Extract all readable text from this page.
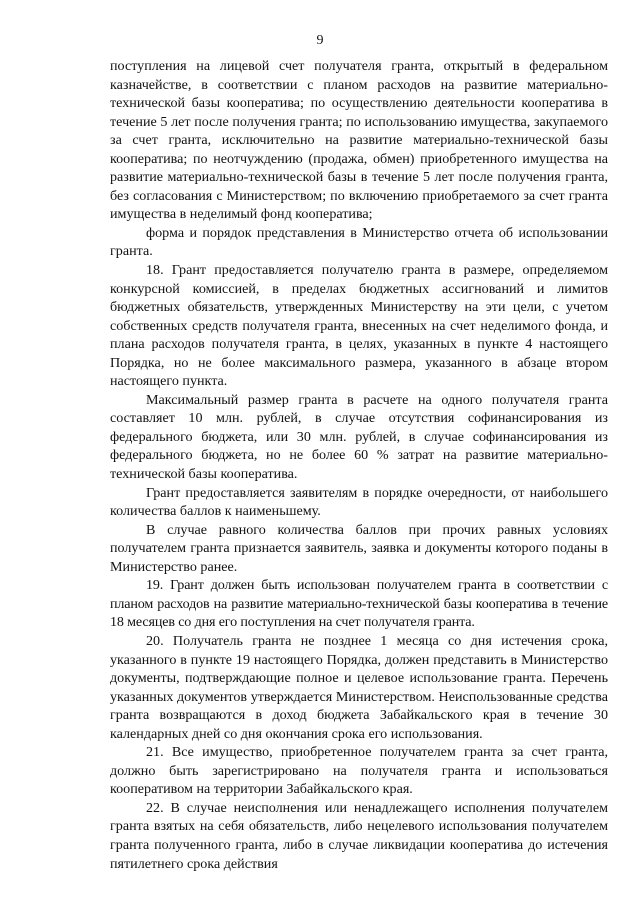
9

поступления на лицевой счет получателя гранта, открытый в федеральном казначействе, в соответствии с планом расходов на развитие материально-технической базы кооператива; по осуществлению деятельности кооператива в течение 5 лет после получения гранта; по использованию имущества, закупаемого за счет гранта, исключительно на развитие материально-технической базы кооператива; по неотчуждению (продажа, обмен) приобретенного имущества на развитие материально-технической базы в течение 5 лет после получения гранта, без согласования с Министерством; по включению приобретаемого за счет гранта имущества в неделимый фонд кооператива;

форма и порядок представления в Министерство отчета об использовании гранта.

18. Грант предоставляется получателю гранта в размере, определяемом конкурсной комиссией, в пределах бюджетных ассигнований и лимитов бюджетных обязательств, утвержденных Министерству на эти цели, с учетом собственных средств получателя гранта, внесенных на счет неделимого фонда, и плана расходов получателя гранта, в целях, указанных в пункте 4 настоящего Порядка, но не более максимального размера, указанного в абзаце втором настоящего пункта.

Максимальный размер гранта в расчете на одного получателя гранта составляет 10 млн. рублей, в случае отсутствия софинансирования из федерального бюджета, или 30 млн. рублей, в случае софинансирования из федерального бюджета, но не более 60 % затрат на развитие материально-технической базы кооператива.

Грант предоставляется заявителям в порядке очередности, от наибольшего количества баллов к наименьшему.

В случае равного количества баллов при прочих равных условиях получателем гранта признается заявитель, заявка и документы которого поданы в Министерство ранее.

19. Грант должен быть использован получателем гранта в соответствии с планом расходов на развитие материально-технической базы кооператива в течение 18 месяцев со дня его поступления на счет получателя гранта.

20. Получатель гранта не позднее 1 месяца со дня истечения срока, указанного в пункте 19 настоящего Порядка, должен представить в Министерство документы, подтверждающие полное и целевое использование гранта. Перечень указанных документов утверждается Министерством. Неиспользованные средства гранта возвращаются в доход бюджета Забайкальского края в течение 30 календарных дней со дня окончания срока его использования.

21. Все имущество, приобретенное получателем гранта за счет гранта, должно быть зарегистрировано на получателя гранта и использоваться кооперативом на территории Забайкальского края.

22. В случае неисполнения или ненадлежащего исполнения получателем гранта взятых на себя обязательств, либо нецелевого использования получателем гранта полученного гранта, либо в случае ликвидации кооператива до истечения пятилетнего срока действия
